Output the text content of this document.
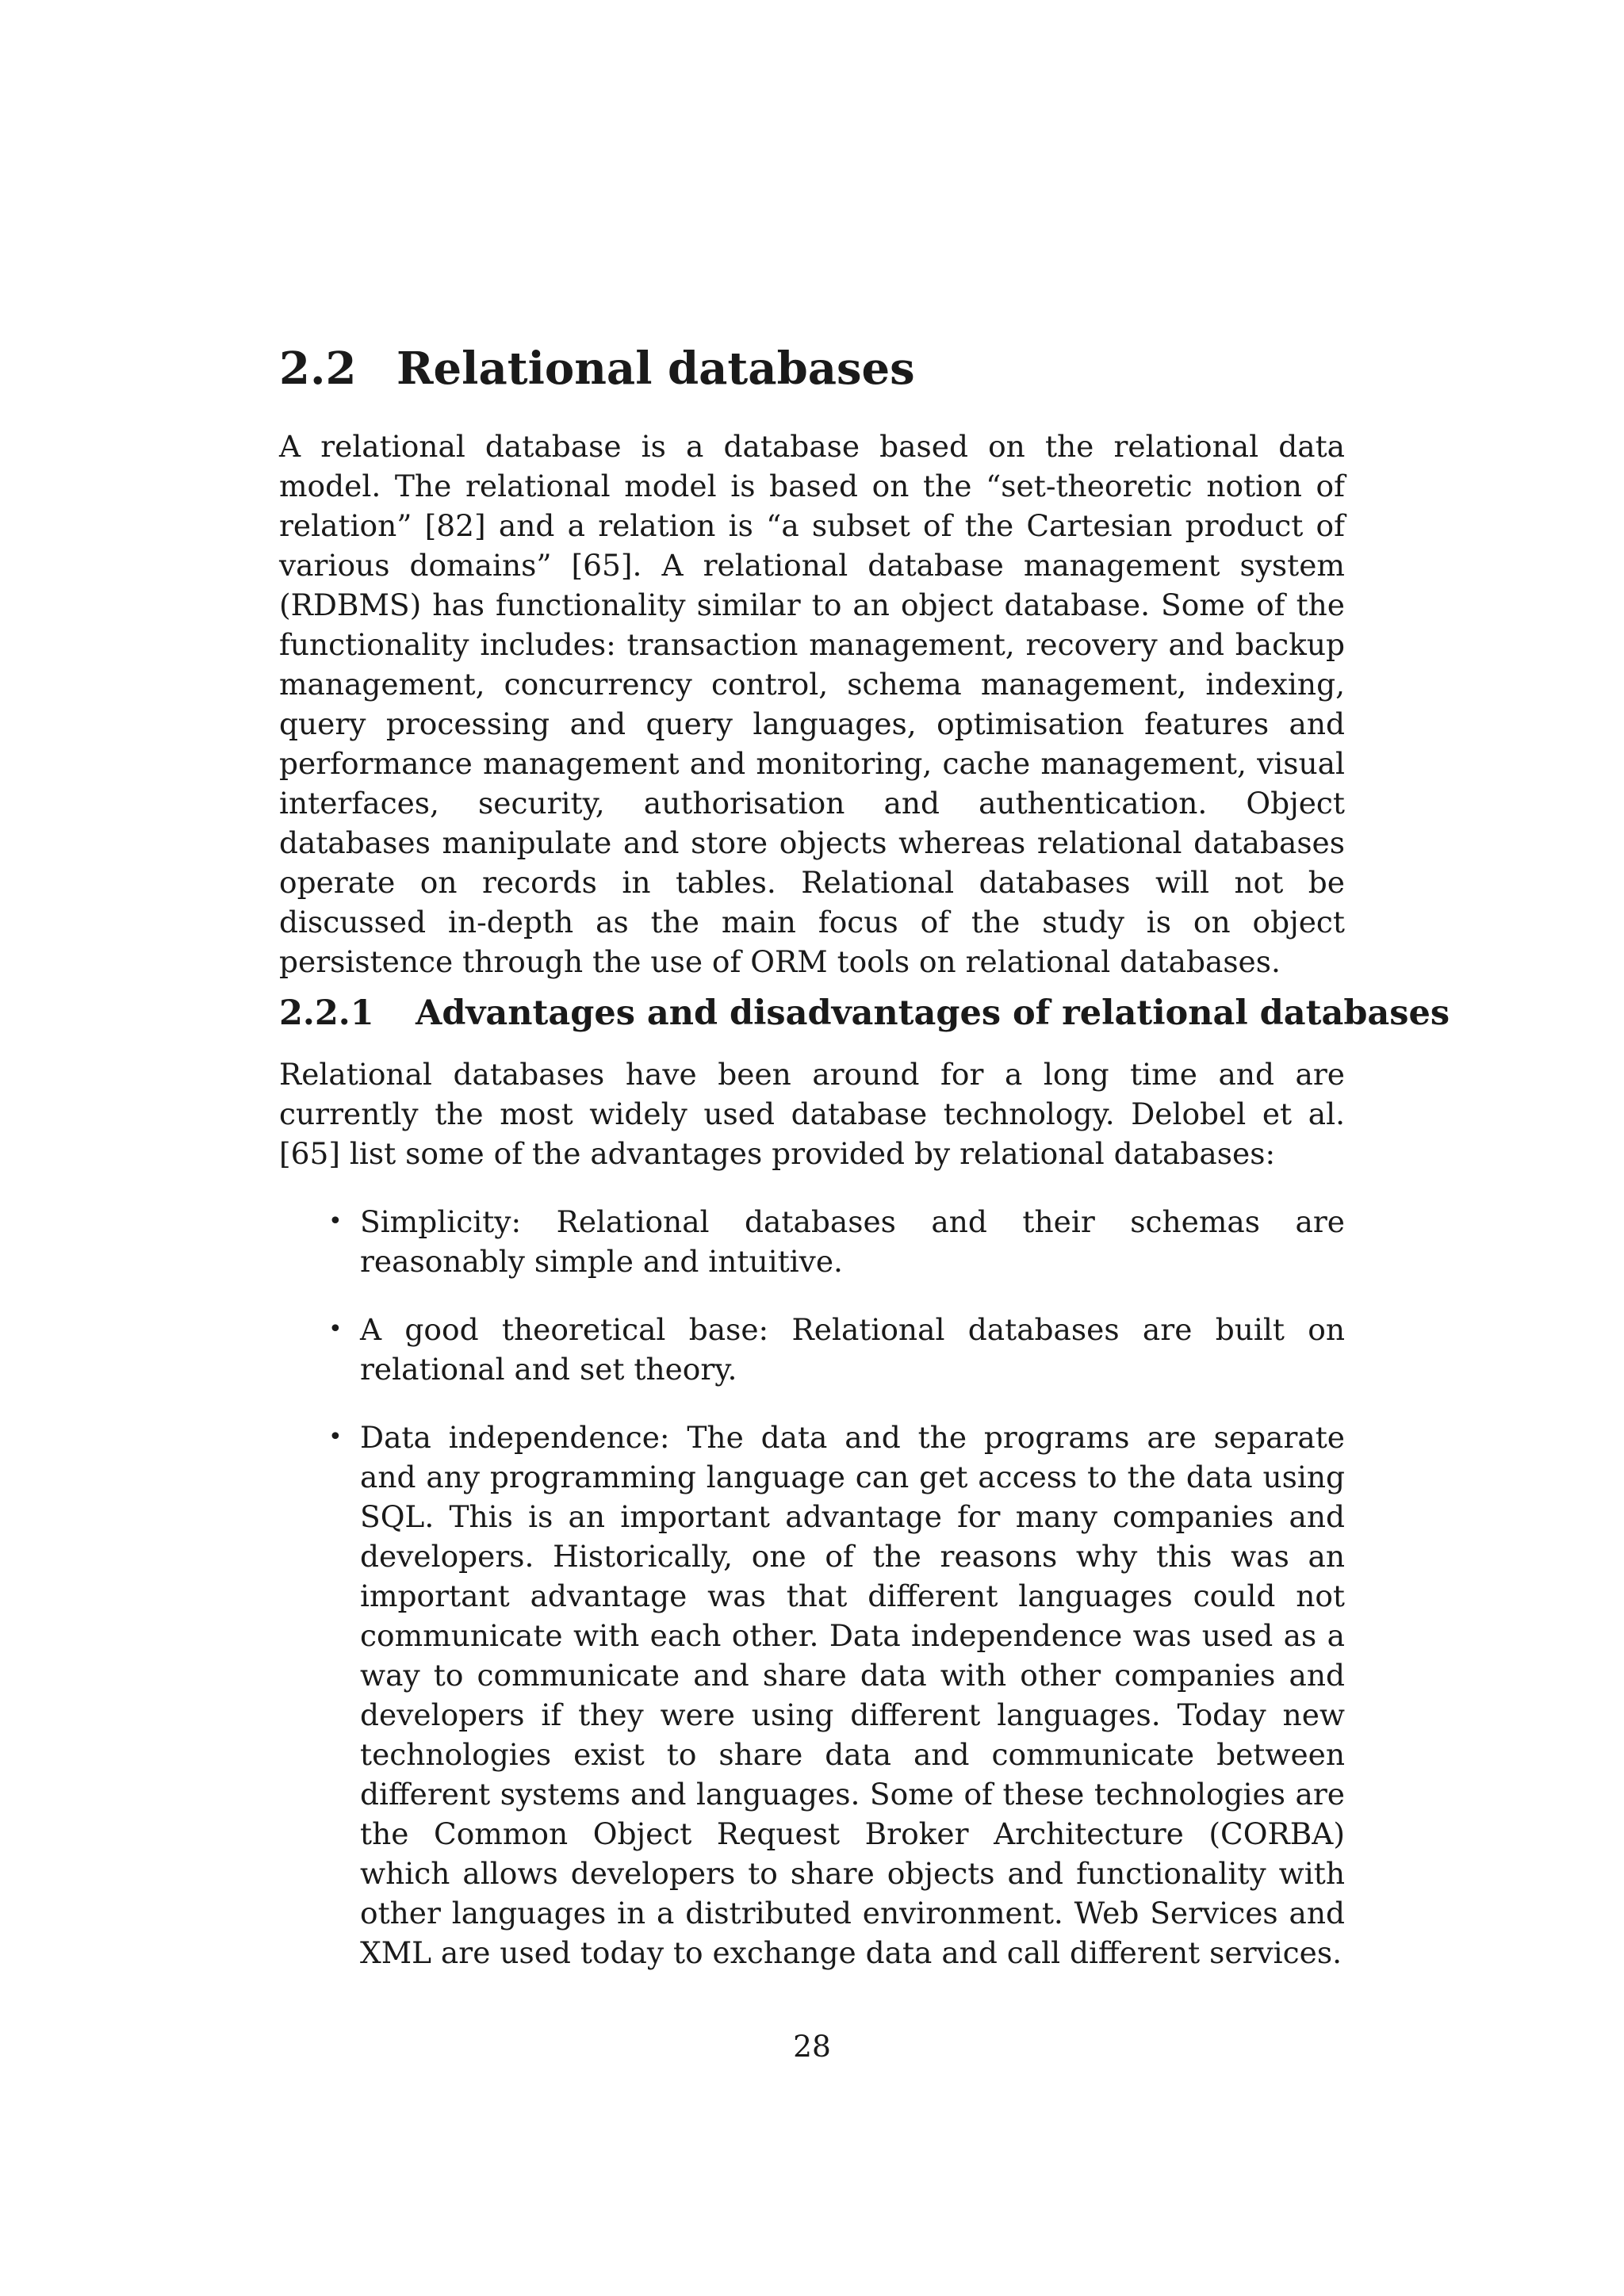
2.2 Relational databases

A relational database is a database based on the relational data model. The relational model is based on the “set-theoretic notion of relation” [82] and a relation is “a subset of the Cartesian product of various domains” [65]. A relational database management system (RDBMS) has functionality similar to an object database. Some of the functionality includes: transaction management, recovery and backup management, concurrency control, schema management, indexing, query processing and query languages, optimisation features and performance management and monitoring, cache management, visual interfaces, security, authorisation and authentication. Object databases manipulate and store objects whereas relational databases operate on records in tables. Relational databases will not be discussed in-depth as the main focus of the study is on object persistence through the use of ORM tools on relational databases.

2.2.1 Advantages and disadvantages of relational databases

Relational databases have been around for a long time and are currently the most widely used database technology. Delobel et al. [65] list some of the advantages provided by relational databases:

• Simplicity: Relational databases and their schemas are reasonably simple and intuitive.
• A good theoretical base: Relational databases are built on relational and set theory.
• Data independence: The data and the programs are separate and any programming language can get access to the data using SQL. This is an important advantage for many companies and developers. Historically, one of the reasons why this was an important advantage was that different languages could not communicate with each other. Data independence was used as a way to communicate and share data with other companies and developers if they were using different languages. Today new technologies exist to share data and communicate between different systems and languages. Some of these technologies are the Common Object Request Broker Architecture (CORBA) which allows developers to share objects and functionality with other languages in a distributed environment. Web Services and XML are used today to exchange data and call different services.
28
